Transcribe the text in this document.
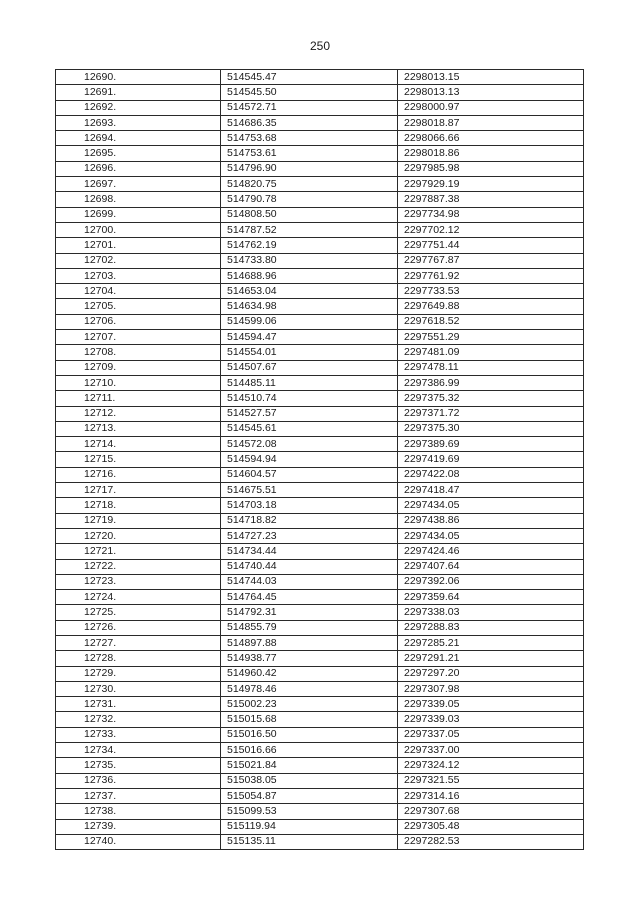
250
12690.	514545.47	2298013.15
12691.	514545.50	2298013.13
12692.	514572.71	2298000.97
12693.	514686.35	2298018.87
12694.	514753.68	2298066.66
12695.	514753.61	2298018.86
12696.	514796.90	2297985.98
12697.	514820.75	2297929.19
12698.	514790.78	2297887.38
12699.	514808.50	2297734.98
12700.	514787.52	2297702.12
12701.	514762.19	2297751.44
12702.	514733.80	2297767.87
12703.	514688.96	2297761.92
12704.	514653.04	2297733.53
12705.	514634.98	2297649.88
12706.	514599.06	2297618.52
12707.	514594.47	2297551.29
12708.	514554.01	2297481.09
12709.	514507.67	2297478.11
12710.	514485.11	2297386.99
12711.	514510.74	2297375.32
12712.	514527.57	2297371.72
12713.	514545.61	2297375.30
12714.	514572.08	2297389.69
12715.	514594.94	2297419.69
12716.	514604.57	2297422.08
12717.	514675.51	2297418.47
12718.	514703.18	2297434.05
12719.	514718.82	2297438.86
12720.	514727.23	2297434.05
12721.	514734.44	2297424.46
12722.	514740.44	2297407.64
12723.	514744.03	2297392.06
12724.	514764.45	2297359.64
12725.	514792.31	2297338.03
12726.	514855.79	2297288.83
12727.	514897.88	2297285.21
12728.	514938.77	2297291.21
12729.	514960.42	2297297.20
12730.	514978.46	2297307.98
12731.	515002.23	2297339.05
12732.	515015.68	2297339.03
12733.	515016.50	2297337.05
12734.	515016.66	2297337.00
12735.	515021.84	2297324.12
12736.	515038.05	2297321.55
12737.	515054.87	2297314.16
12738.	515099.53	2297307.68
12739.	515119.94	2297305.48
12740.	515135.11	2297282.53
